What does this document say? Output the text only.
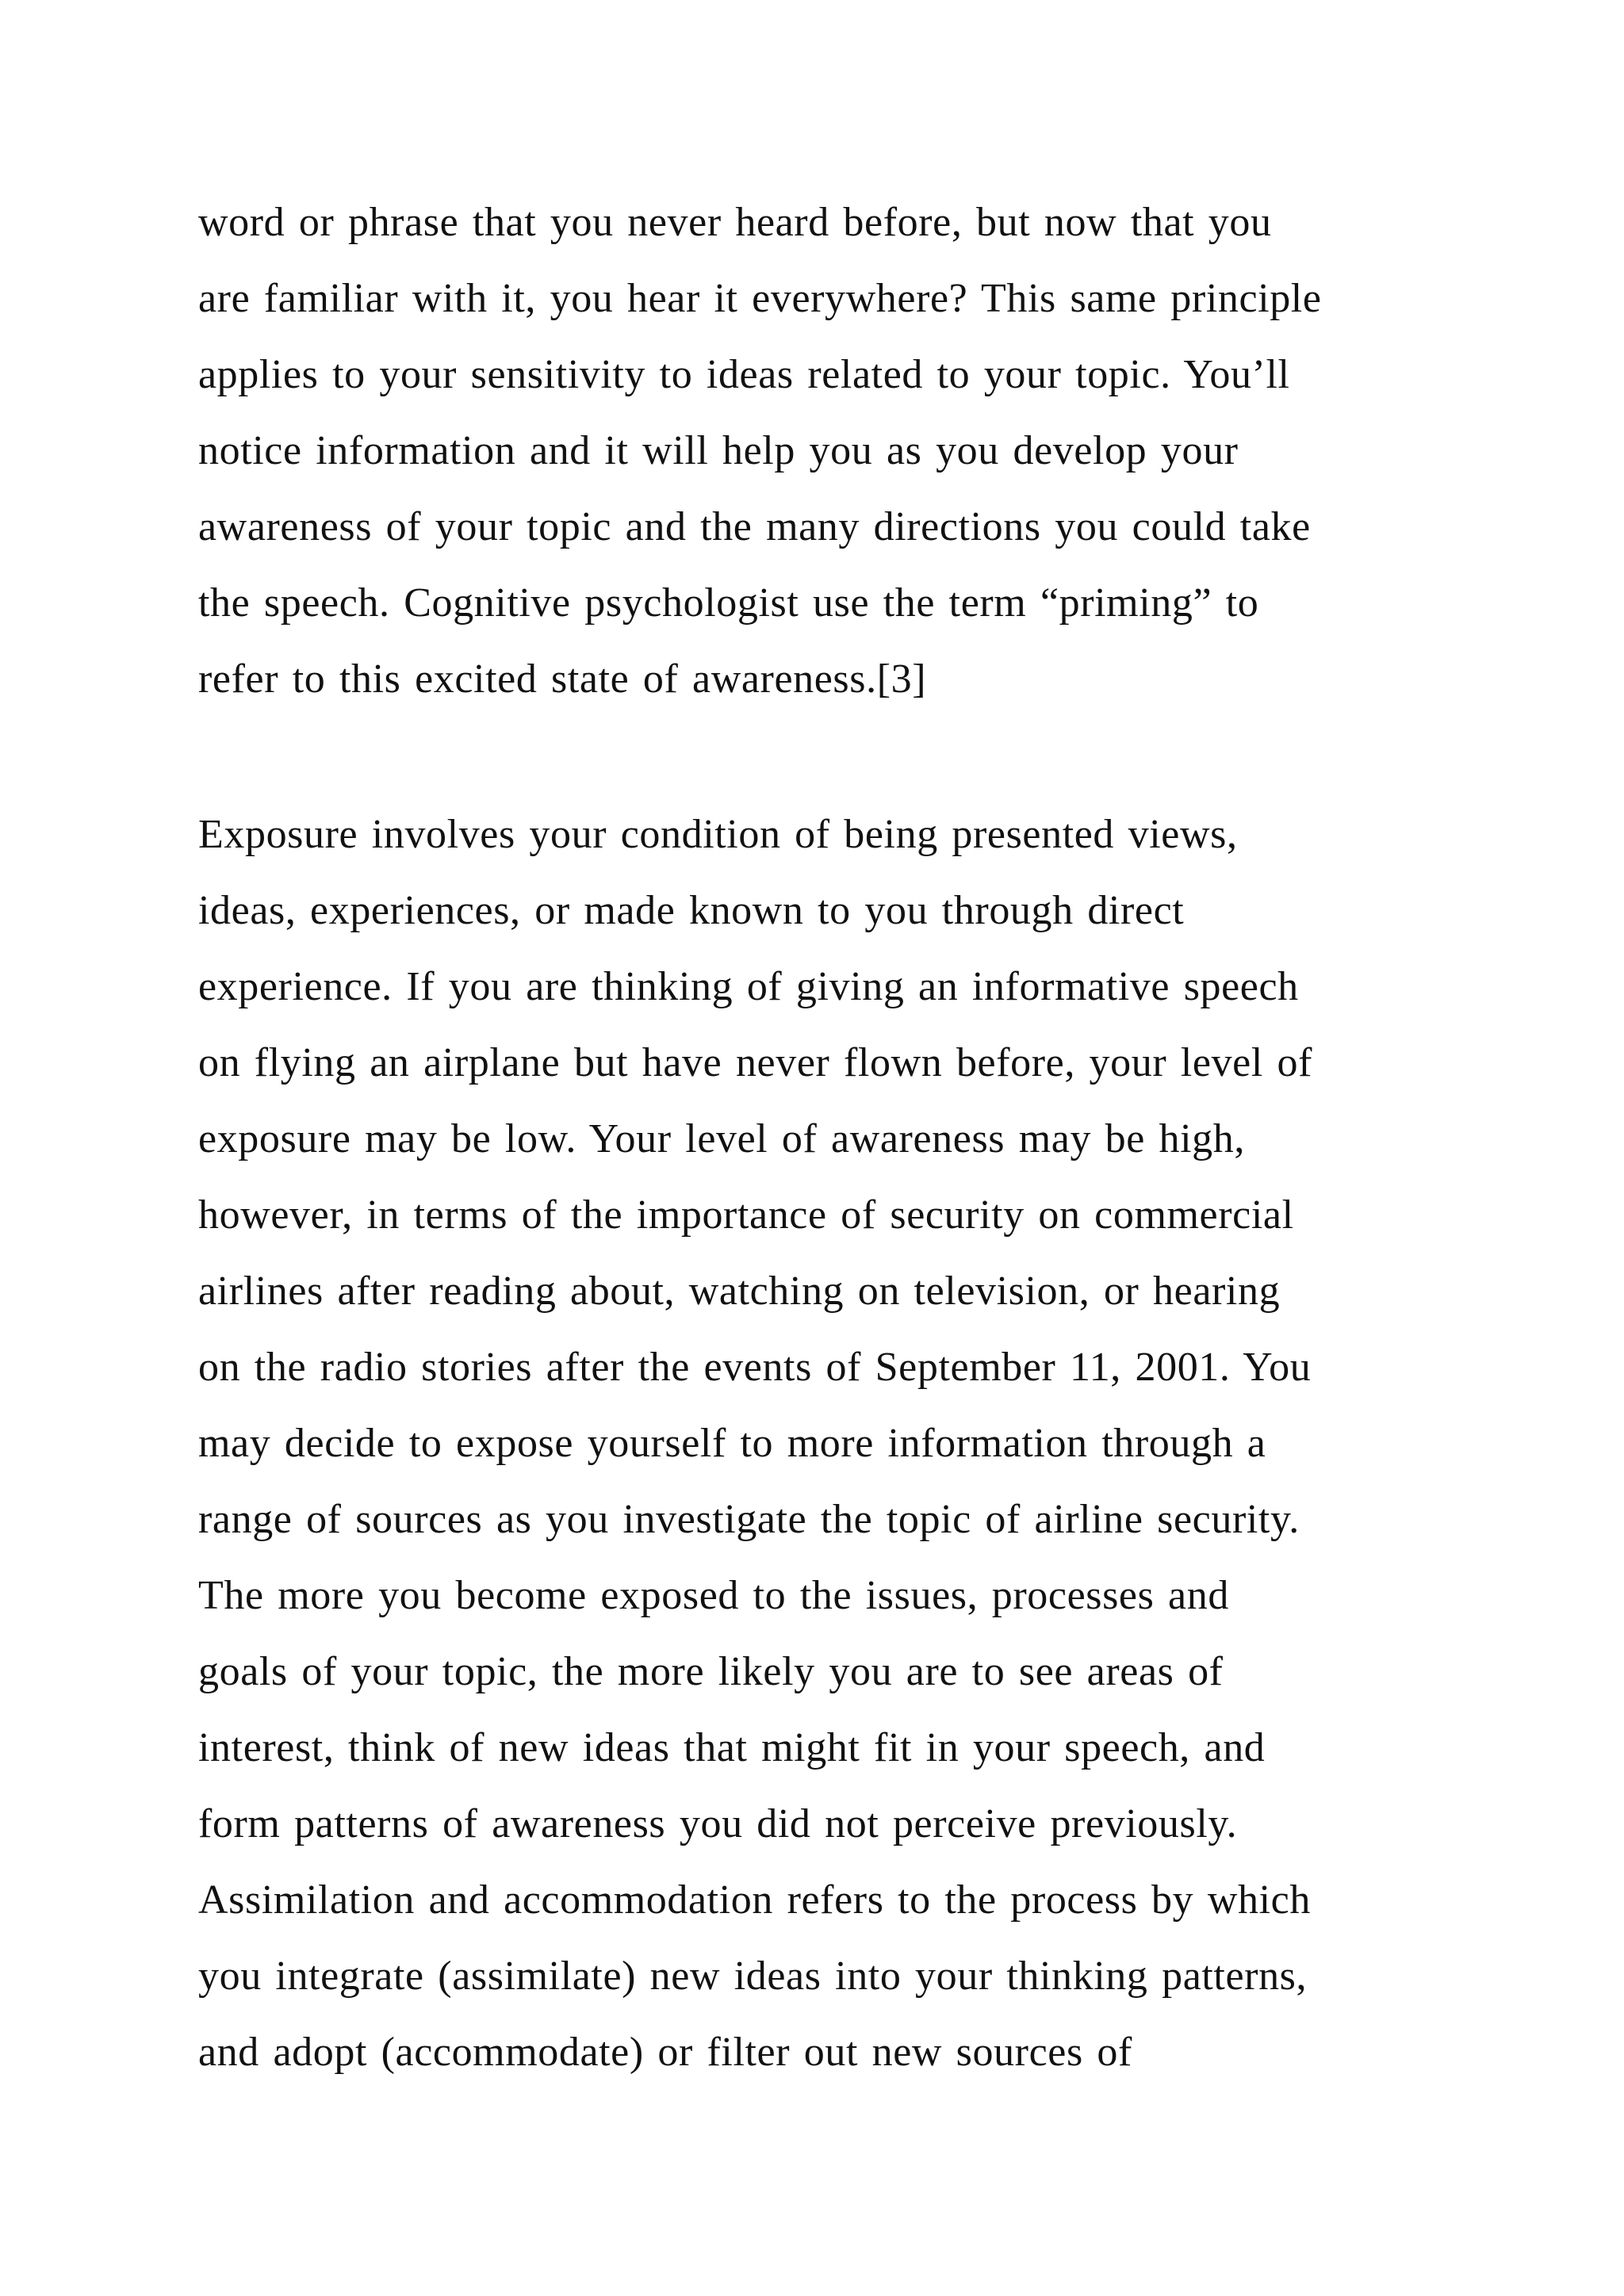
word or phrase that you never heard before, but now that you
are familiar with it, you hear it everywhere? This same principle
applies to your sensitivity to ideas related to your topic. You’ll
notice information and it will help you as you develop your
awareness of your topic and the many directions you could take
the speech. Cognitive psychologist use the term “priming” to
refer to this excited state of awareness.[3]
Exposure involves your condition of being presented views,
ideas, experiences, or made known to you through direct
experience. If you are thinking of giving an informative speech
on flying an airplane but have never flown before, your level of
exposure may be low. Your level of awareness may be high,
however, in terms of the importance of security on commercial
airlines after reading about, watching on television, or hearing
on the radio stories after the events of September 11, 2001. You
may decide to expose yourself to more information through a
range of sources as you investigate the topic of airline security.
The more you become exposed to the issues, processes and
goals of your topic, the more likely you are to see areas of
interest, think of new ideas that might fit in your speech, and
form patterns of awareness you did not perceive previously.
Assimilation and accommodation refers to the process by which
you integrate (assimilate) new ideas into your thinking patterns,
and adopt (accommodate) or filter out new sources of
